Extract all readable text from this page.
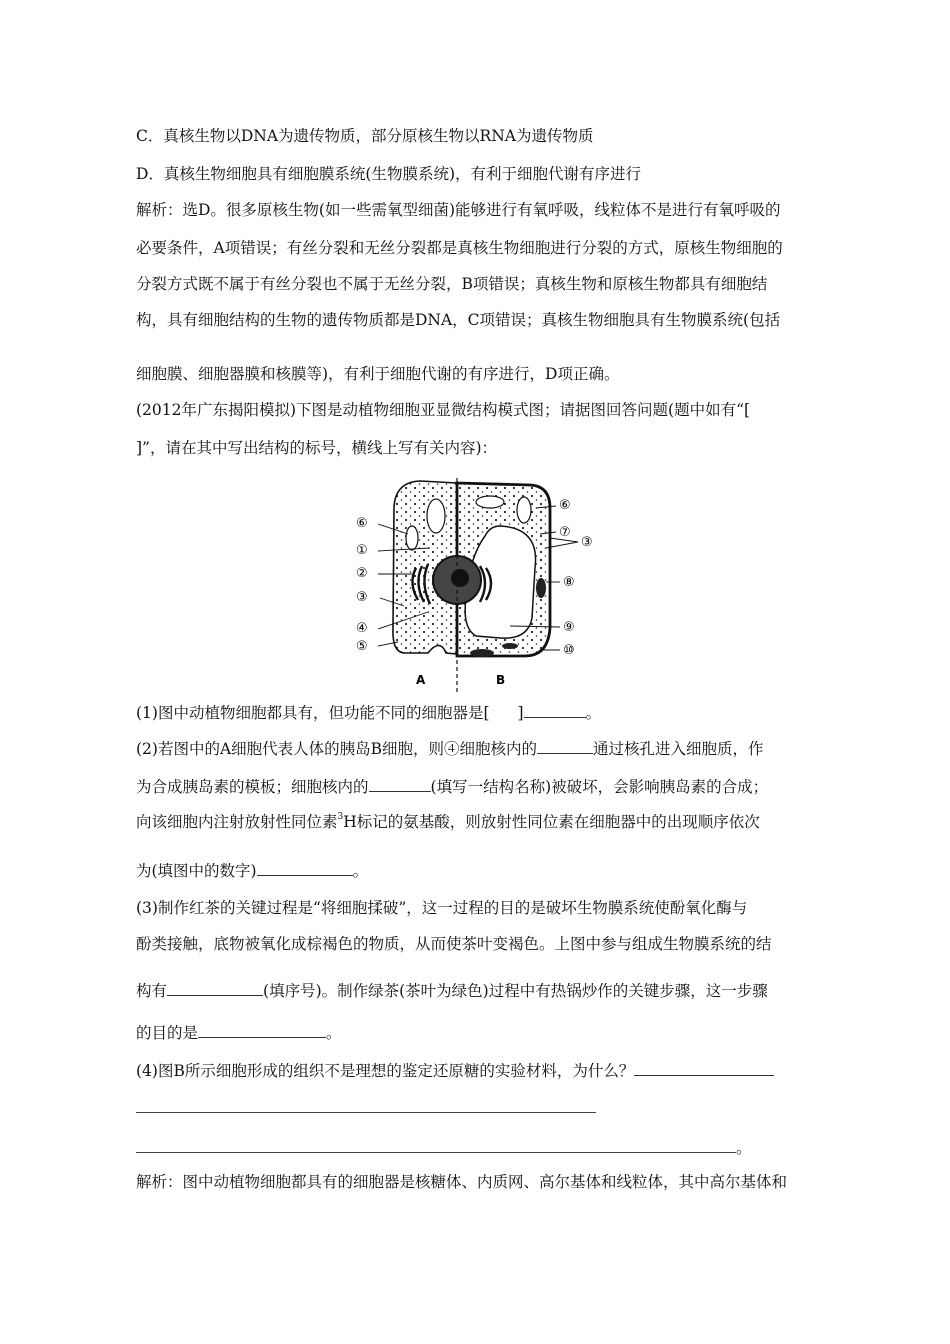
C．真核生物以DNA为遗传物质，部分原核生物以RNA为遗传物质
D．真核生物细胞具有细胞膜系统(生物膜系统)，有利于细胞代谢有序进行
解析：选D。很多原核生物(如一些需氧型细菌)能够进行有氧呼吸，线粒体不是进行有氧呼吸的
必要条件，A项错误；有丝分裂和无丝分裂都是真核生物细胞进行分裂的方式，原核生物细胞的
分裂方式既不属于有丝分裂也不属于无丝分裂，B项错误；真核生物和原核生物都具有细胞结
构，具有细胞结构的生物的遗传物质都是DNA，C项错误；真核生物细胞具有生物膜系统(包括
细胞膜、细胞器膜和核膜等)，有利于细胞代谢的有序进行，D项正确。
(2012年广东揭阳模拟)下图是动植物细胞亚显微结构模式图；请据图回答问题(题中如有“[
]”，请在其中写出结构的标号，横线上写有关内容)：
⑥
①
②
③
④
⑤
⑥
⑦
③
⑧
⑨
⑩
A	B
(1)图中动植物细胞都具有，但功能不同的细胞器是[ ]	。
(2)若图中的A细胞代表人体的胰岛B细胞，则④细胞核内的	通过核孔进入细胞质，作
为合成胰岛素的模板；细胞核内的	(填写一结构名称)被破坏，会影响胰岛素的合成；
向该细胞内注射放射性同位素$^3$H标记的氨基酸，则放射性同位素在细胞器中的出现顺序依次
为(填图中的数字)	。
(3)制作红茶的关键过程是“将细胞揉破”，这一过程的目的是破坏生物膜系统使酚氧化酶与
酚类接触，底物被氧化成棕褐色的物质，从而使茶叶变褐色。上图中参与组成生物膜系统的结
构有	(填序号)。制作绿茶(茶叶为绿色)过程中有热锅炒作的关键步骤，这一步骤
的目的是	。
(4)图B所示细胞形成的组织不是理想的鉴定还原糖的实验材料，为什么？
。
解析：图中动植物细胞都具有的细胞器是核糖体、内质网、高尔基体和线粒体，其中高尔基体和
